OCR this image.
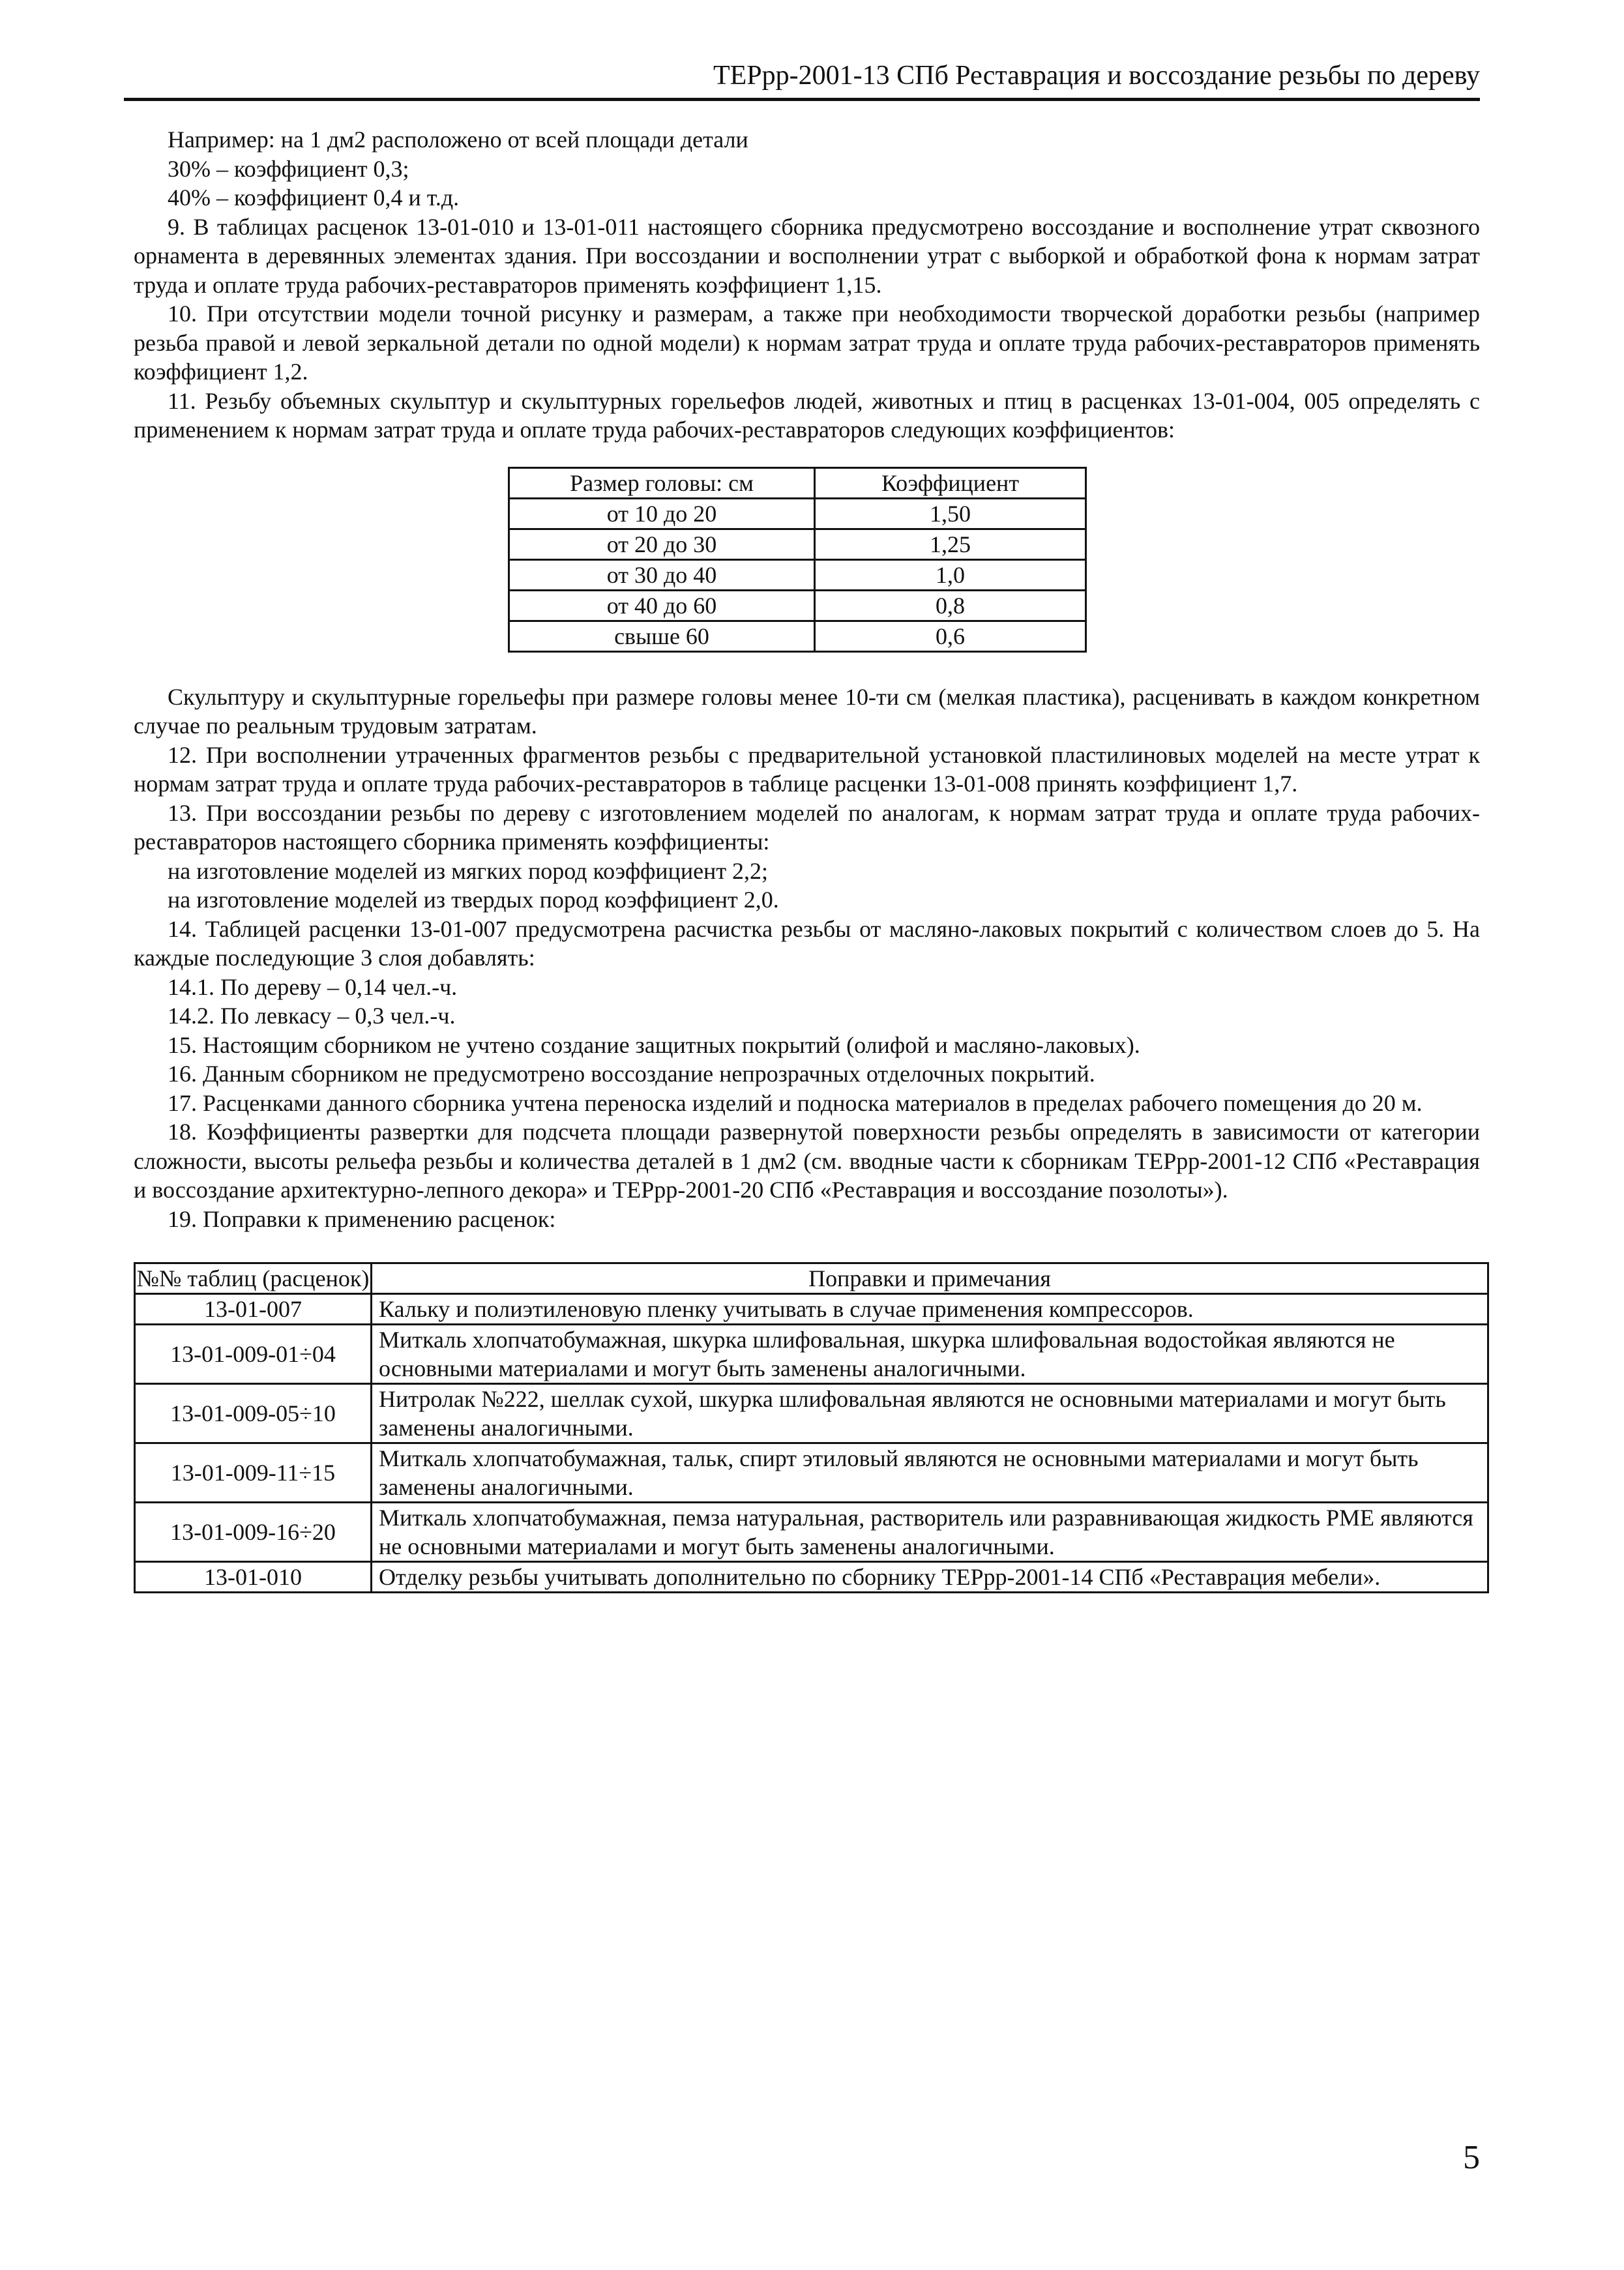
ТЕРрр-2001-13 СПб Реставрация и воссоздание резьбы по дереву

Например: на 1 дм2 расположено от всей площади детали

30% – коэффициент 0,3;

40% – коэффициент 0,4 и т.д.

9. В таблицах расценок 13-01-010 и 13-01-011 настоящего сборника предусмотрено воссоздание и восполнение утрат сквозного орнамента в деревянных элементах здания. При воссоздании и восполнении утрат с выборкой и обработкой фона к нормам затрат труда и оплате труда рабочих-реставраторов применять коэффициент 1,15.

10. При отсутствии модели точной рисунку и размерам, а также при необходимости творческой доработки резьбы (например резьба правой и левой зеркальной детали по одной модели) к нормам затрат труда и оплате труда рабочих-реставраторов применять коэффициент 1,2.

11. Резьбу объемных скульптур и скульптурных горельефов людей, животных и птиц в расценках 13-01-004, 005 определять с применением к нормам затрат труда и оплате труда рабочих-реставраторов следующих коэффициентов:

Размер головы: см	Коэффициент
от 10 до 20	1,50
от 20 до 30	1,25
от 30 до 40	1,0
от 40 до 60	0,8
свыше 60	0,6

Скульптуру и скульптурные горельефы при размере головы менее 10-ти см (мелкая пластика), расценивать в каждом конкретном случае по реальным трудовым затратам.

12. При восполнении утраченных фрагментов резьбы с предварительной установкой пластилиновых моделей на месте утрат к нормам затрат труда и оплате труда рабочих-реставраторов в таблице расценки 13-01-008 принять коэффициент 1,7.

13. При воссоздании резьбы по дереву с изготовлением моделей по аналогам, к нормам затрат труда и оплате труда рабочих-реставраторов настоящего сборника применять коэффициенты:

на изготовление моделей из мягких пород коэффициент 2,2;

на изготовление моделей из твердых пород коэффициент 2,0.

14. Таблицей расценки 13-01-007 предусмотрена расчистка резьбы от масляно-лаковых покрытий с количеством слоев до 5. На каждые последующие 3 слоя добавлять:

14.1. По дереву – 0,14 чел.-ч.

14.2. По левкасу – 0,3 чел.-ч.

15. Настоящим сборником не учтено создание защитных покрытий (олифой и масляно-лаковых).

16. Данным сборником не предусмотрено воссоздание непрозрачных отделочных покрытий.

17. Расценками данного сборника учтена переноска изделий и подноска материалов в пределах рабочего помещения до 20 м.

18. Коэффициенты развертки для подсчета площади развернутой поверхности резьбы определять в зависимости от категории сложности, высоты рельефа резьбы и количества деталей в 1 дм2 (см. вводные части к сборникам ТЕРрр-2001-12 СПб «Реставрация и воссоздание архитектурно-лепного декора» и ТЕРрр-2001-20 СПб «Реставрация и воссоздание позолоты»).

19. Поправки к применению расценок:

№№ таблиц (расценок)	Поправки и примечания
13-01-007	Кальку и полиэтиленовую пленку учитывать в случае применения компрессоров.
13-01-009-01÷04	Миткаль хлопчатобумажная, шкурка шлифовальная, шкурка шлифовальная водостойкая являются не основными материалами и могут быть заменены аналогичными.
13-01-009-05÷10	Нитролак №222, шеллак сухой, шкурка шлифовальная являются не основными материалами и могут быть заменены аналогичными.
13-01-009-11÷15	Миткаль хлопчатобумажная, тальк, спирт этиловый являются не основными материалами и могут быть заменены аналогичными.
13-01-009-16÷20	Миткаль хлопчатобумажная, пемза натуральная, растворитель или разравнивающая жидкость РМЕ являются не основными материалами и могут быть заменены аналогичными.
13-01-010	Отделку резьбы учитывать дополнительно по сборнику ТЕРрр-2001-14 СПб «Реставрация мебели».
5
